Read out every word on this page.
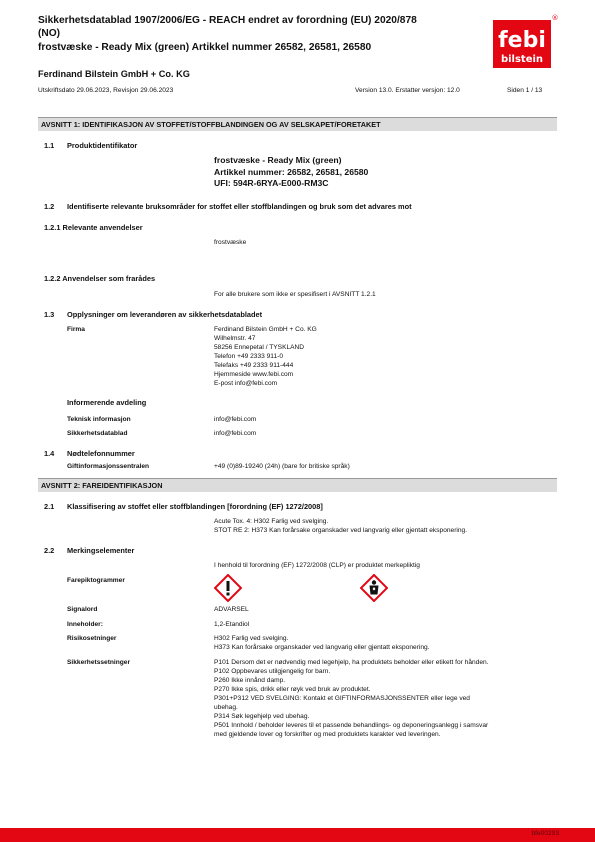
Sikkerhetsdatablad 1907/2006/EG - REACH endret av forordning (EU) 2020/878
(NO)
frostvæske - Ready Mix (green) Artikkel nummer 26582, 26581, 26580	febi
bilstein
®
Ferdinand Bilstein GmbH + Co. KG
Utskriftsdato 29.06.2023, Revisjon 29.06.2023	Version 13.0. Erstatter versjon: 12.0	Siden 1 / 13
AVSNITT 1: IDENTIFIKASJON AV STOFFET/STOFFBLANDINGEN OG AV SELSKAPET/FORETAKET
1.1 Produktidentifikator
frostvæske - Ready Mix (green)
Artikkel nummer: 26582, 26581, 26580
UFI: 594R-6RYA-E000-RM3C
1.2 Identifiserte relevante bruksområder for stoffet eller stoffblandingen og bruk som det advares mot
1.2.1 Relevante anvendelser
frostvæske
1.2.2 Anvendelser som frarådes
For alle brukere som ikke er spesifisert i AVSNITT 1.2.1
1.3 Opplysninger om leverandøren av sikkerhetsdatabladet
Firma	Ferdinand Bilstein GmbH + Co. KG
Wilhelmstr. 47
58256 Ennepetal / TYSKLAND
Telefon +49 2333 911-0
Telefaks +49 2333 911-444
Hjemmeside www.febi.com
E-post info@febi.com
Informerende avdeling
Teknisk informasjon	info@febi.com
Sikkerhetsdatablad	info@febi.com
1.4 Nødtelefonnummer
Giftinformasjonssentralen	+49 (0)89-19240 (24h) (bare for britiske språk)
AVSNITT 2: FAREIDENTIFIKASJON
2.1 Klassifisering av stoffet eller stoffblandingen [forordning (EF) 1272/2008]
Acute Tox. 4: H302 Farlig ved svelging.
STOT RE 2: H373 Kan forårsake organskader ved langvarig eller gjentatt eksponering.
2.2 Merkingselementer
I henhold til forordning (EF) 1272/2008 (CLP) er produktet merkepliktig
Farepiktogrammer
Signalord	ADVARSEL
Inneholder:	1,2-Etandiol
Risikosetninger	H302 Farlig ved svelging.
H373 Kan forårsake organskader ved langvarig eller gjentatt eksponering.
Sikkerhetssetninger	P101 Dersom det er nødvendig med legehjelp, ha produktets beholder eller etikett for hånden.
P102 Oppbevares utilgjengelig for barn.
P260 Ikke innånd damp.
P270 Ikke spis, drikk eller røyk ved bruk av produktet.
P301+P312 VED SVELGING: Kontakt et GIFTINFORMASJONSSENTER eller lege ved
ubehag.
P314 Søk legehjelp ved ubehag.
P501 Innhold / beholder leveres til et passende behandlings- og deponeringsanlegg i samsvar
med gjeldende lover og forskrifter og med produktets karakter ved leveringen.
bfe00293
